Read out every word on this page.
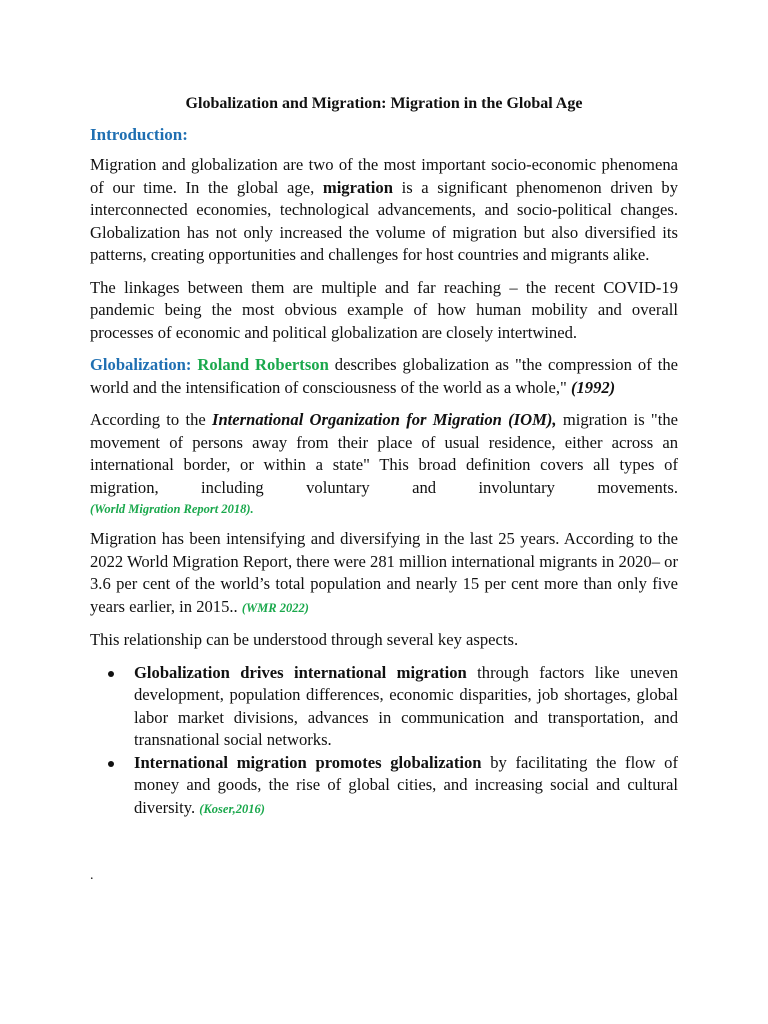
Globalization and Migration: Migration in the Global Age
Introduction:

Migration and globalization are two of the most important socio-economic phenomena of our time. In the global age, migration is a significant phenomenon driven by interconnected economies, technological advancements, and socio-political changes. Globalization has not only increased the volume of migration but also diversified its patterns, creating opportunities and challenges for host countries and migrants alike.

The linkages between them are multiple and far reaching – the recent COVID-19 pandemic being the most obvious example of how human mobility and overall processes of economic and political globalization are closely intertwined.

Globalization: Roland Robertson describes globalization as "the compression of the world and the intensification of consciousness of the world as a whole," (1992)

According to the International Organization for Migration (IOM), migration is "the movement of persons away from their place of usual residence, either across an international border, or within a state" This broad definition covers all types of migration, including voluntary and involuntary movements.

(World Migration Report 2018).

Migration has been intensifying and diversifying in the last 25 years. According to the 2022 World Migration Report, there were 281 million international migrants in 2020– or 3.6 per cent of the world’s total population and nearly 15 per cent more than only five years earlier, in 2015.. (WMR 2022)

This relationship can be understood through several key aspects.

Globalization drives international migration through factors like uneven development, population differences, economic disparities, job shortages, global labor market divisions, advances in communication and transportation, and transnational social networks.
International migration promotes globalization by facilitating the flow of money and goods, the rise of global cities, and increasing social and cultural diversity. (Koser,2016)
.
